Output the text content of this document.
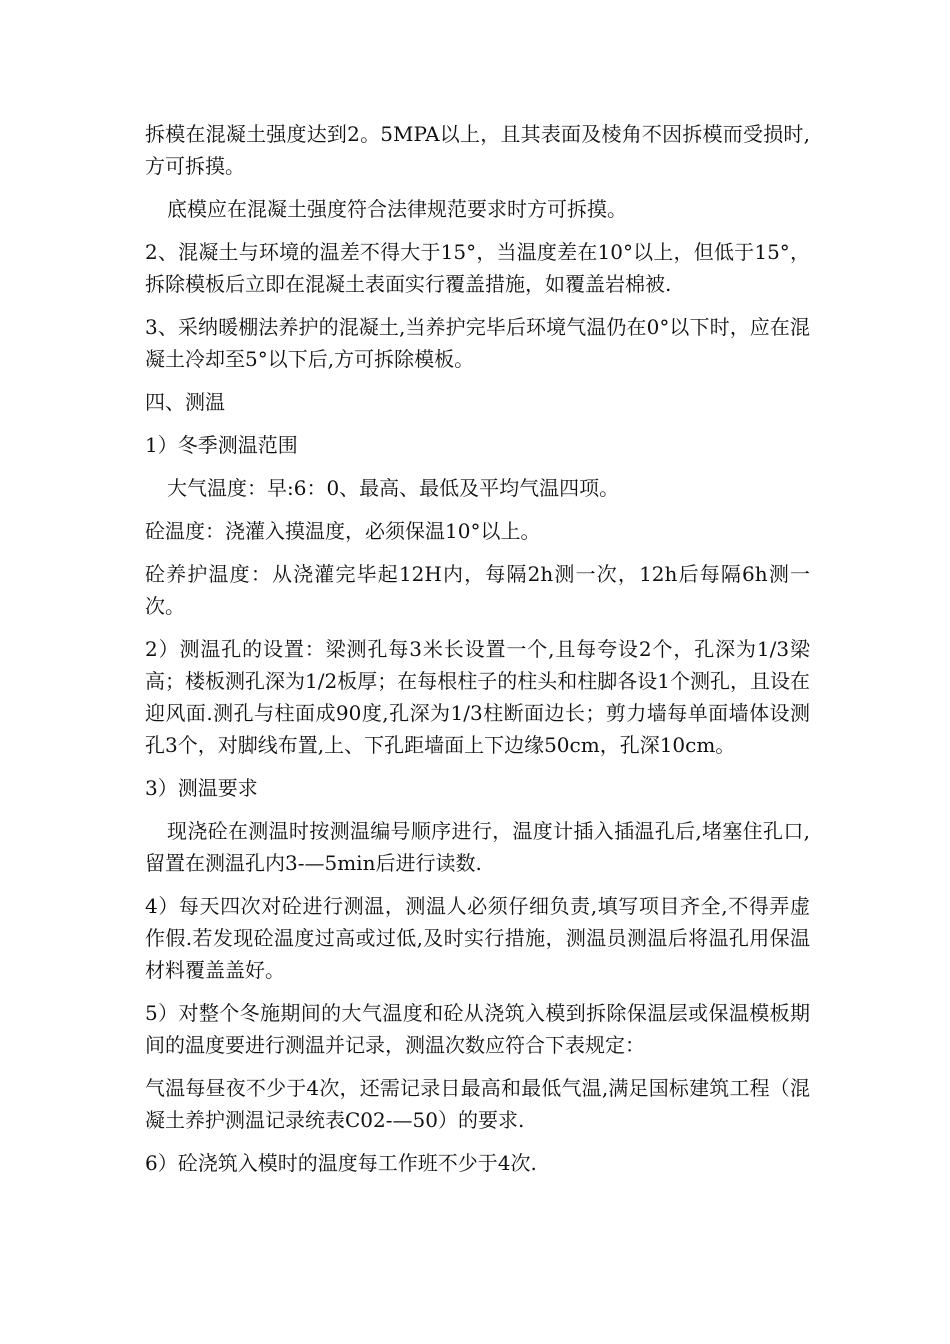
拆模在混凝土强度达到2。5MPA以上，且其表面及棱角不因拆模而受损时,方可拆摸。

底模应在混凝土强度符合法律规范要求时方可拆摸。

2、混凝土与环境的温差不得大于15°，当温度差在10°以上，但低于15°，拆除模板后立即在混凝土表面实行覆盖措施，如覆盖岩棉被.

3、采纳暖棚法养护的混凝土,当养护完毕后环境气温仍在0°以下时，应在混凝土冷却至5°以下后,方可拆除模板。

四、测温

1）冬季测温范围

大气温度：早:6：0、最高、最低及平均气温四项。

砼温度：浇灌入摸温度，必须保温10°以上。

砼养护温度：从浇灌完毕起12H内，每隔2h测一次，12h后每隔6h测一次。

2）测温孔的设置：梁测孔每3米长设置一个,且每夸设2个，孔深为1/3梁高；楼板测孔深为1/2板厚；在每根柱子的柱头和柱脚各设1个测孔，且设在迎风面.测孔与柱面成90度,孔深为1/3柱断面边长；剪力墙每单面墙体设测孔3个，对脚线布置,上、下孔距墙面上下边缘50cm，孔深10cm。

3）测温要求

现浇砼在测温时按测温编号顺序进行，温度计插入插温孔后,堵塞住孔口,留置在测温孔内3-—5min后进行读数.

4）每天四次对砼进行测温，测温人必须仔细负责,填写项目齐全,不得弄虚作假.若发现砼温度过高或过低,及时实行措施，测温员测温后将温孔用保温材料覆盖盖好。

5）对整个冬施期间的大气温度和砼从浇筑入模到拆除保温层或保温模板期间的温度要进行测温并记录，测温次数应符合下表规定：

气温每昼夜不少于4次，还需记录日最高和最低气温,满足国标建筑工程（混凝土养护测温记录统表C02-—50）的要求.

6）砼浇筑入模时的温度每工作班不少于4次.
